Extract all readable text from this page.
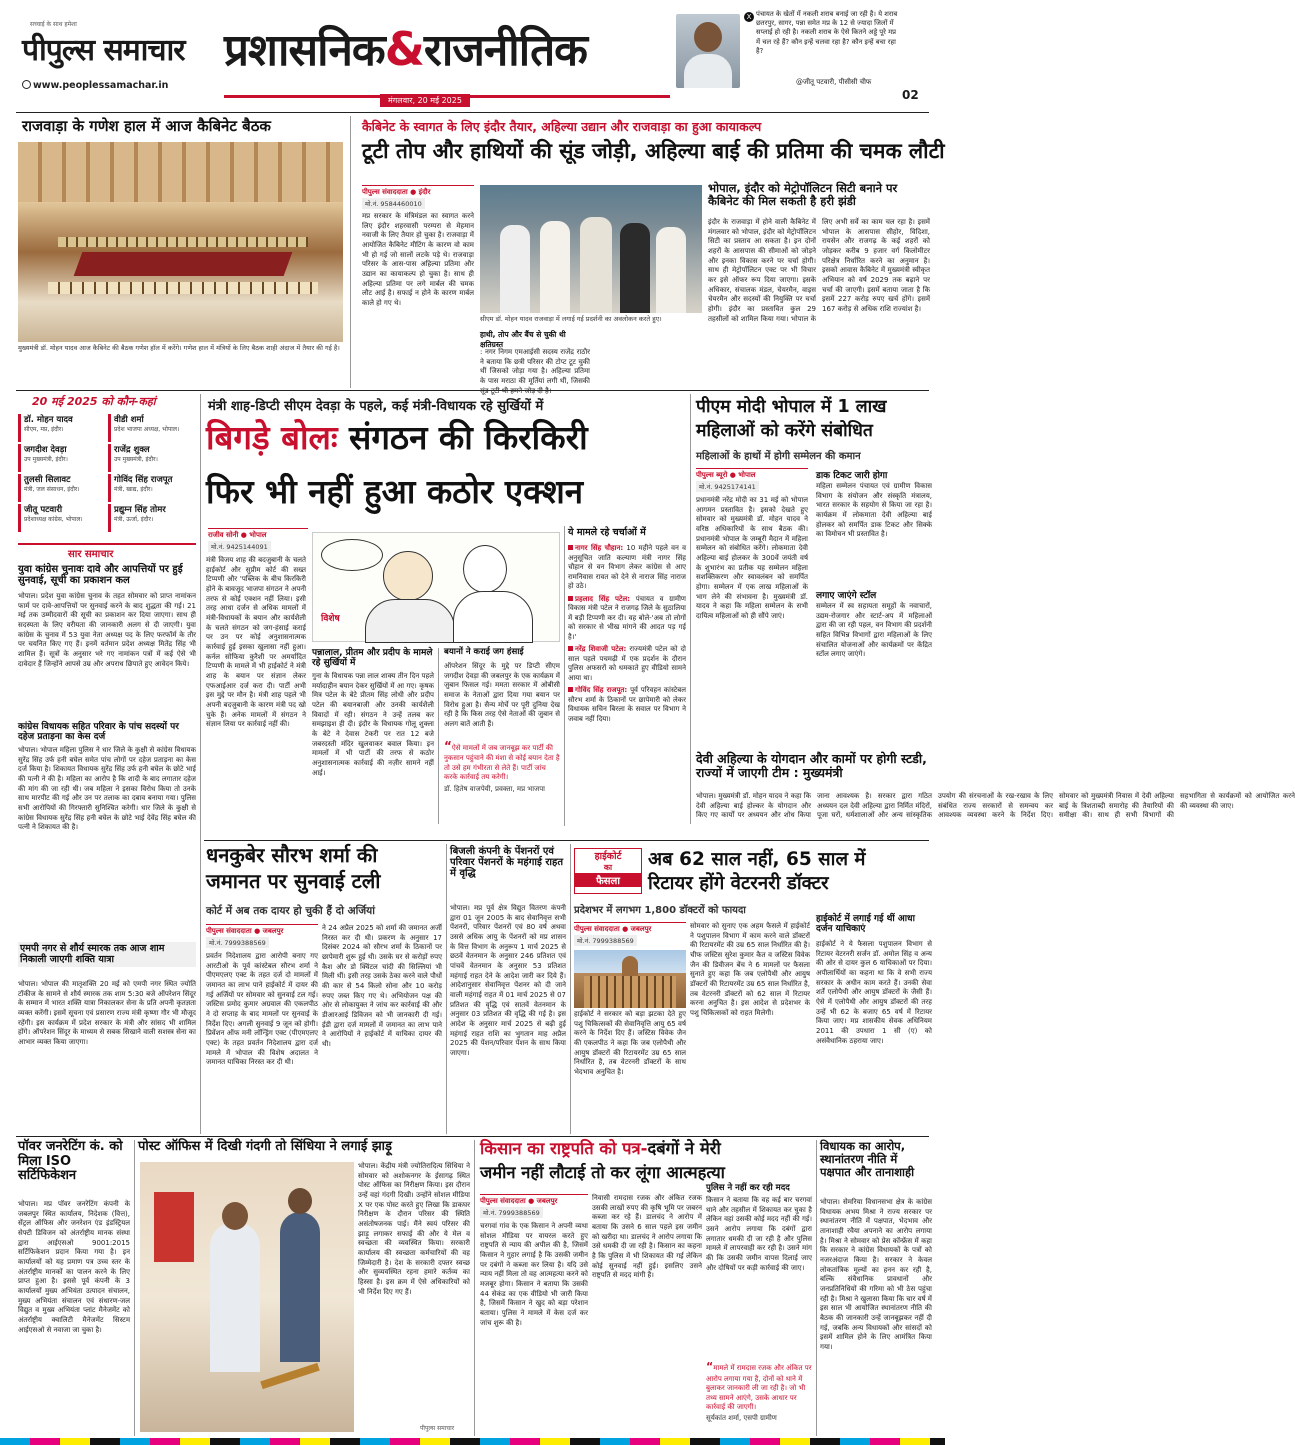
सच्चाई के साथ हमेशा
पीपुल्स समाचार
www.peoplessamachar.in
प्रशासनिक&राजनीतिक
मंगलवार, 20 मई 2025
X पंचायत के खेतों में नकली शराब बनाई जा रही है। ये शराब छतरपुर, सागर, पन्ना समेत मप्र के 12 से ज्यादा जिलों में सप्लाई हो रही है। नकली शराब के ऐसे कितने अड्डे पूरे मप्र में चल रहे हैं? कौन इन्हें चलवा रहा है? कौन इन्हें बचा रहा है?
@जीतू पटवारी, पीसीसी चीफ
02
राजवाड़ा के गणेश हाल में आज कैबिनेट बैठक
मुख्यमंत्री डॉ. मोहन यादव आज कैबिनेट की बैठक गणेश हॉल में करेंगे। गणेश हाल में मंत्रियों के लिए बैठक शाही अंदाज में तैयार की गई है।
कैबिनेट के स्वागत के लिए इंदौर तैयार, अहिल्या उद्यान और राजवाड़ा का हुआ कायाकल्प
टूटी तोप और हाथियों की सूंड जोड़ी, अहिल्या बाई की प्रतिमा की चमक लौटी
पीपुल्स संवाददाता ● इंदौर
मो.नं. 9584460010
मप्र सरकार के मंत्रिमंडल का स्वागत करने लिए इंदौर शहरवासी परम्परा से मेहमान नवाजी के लिए तैयार हो चुका है। राजवाड़ा में आयोजित कैबिनेट मीटिंग के कारण वो काम भी हो गई जो सालों लटके पड़े थे। राजवाड़ा परिसर के आस-पास अहिल्या प्रतिमा और उद्यान का कायाकल्प हो चुका है। साथ ही अहिल्या प्रतिमा पर लगे मार्बल की चमक लौट आई है। सफाई न होने के कारण मार्बल काले हो गए थे।
सीएम डॉ. मोहन यादव राजवाड़ा में लगाई गई प्रदर्शनी का अवलोकन करते हुए।
हाथी, तोप और बैंच से चुकी थी क्षतिग्रस्त
: नगर निगम एमआईसी सदस्य राजेंद्र राठौर ने बताया कि छत्री परिसर की टोप्ट टूट चुकी थीं जिसको जोड़ा गया है। अहिल्या प्रतिमा के पास मराठा की मूर्तियां लगी थीं, जिसकी
भोपाल, इंदौर को मेट्रोपॉलिटन सिटी बनाने पर कैबिनेट की मिल सकती है हरी झंडी
इंदौर के राजवाड़ा में होने वाली कैबिनेट में मंगलवार को भोपाल, इंदौर को मेट्रोपॉलिटन सिटी का प्रस्ताव आ सकता है। इन दोनों शहरों के आसपास की सीमाओं को जोड़ने और इनका विकास करने पर चर्चा होगी। साथ ही मेट्रोपॉलिटन एक्ट पर भी विचार कर इसे ऑफर रूप दिया जाएगा। इसके अधिकार, संचालक मंडल, चेयरमैन, वाइस चेयरमैन और सदस्यों की नियुक्ति पर चर्चा होगी। इंदौर का प्रस्तावित कुल 29 तहसीलों को शामिल किया गया। भोपाल के लिए अभी सर्वे का काम चल रहा है। इसमें भोपाल के आसपास सीहोर, विदिशा, रायसेन और राजगढ़ के कई शहरों को जोड़कर करीब 9 हजार वर्ग किलोमीटर परिक्षेत्र निर्धारित करने का अनुमान है। इसको आवास कैबिनेट में मुख्यमंत्री स्वीकृत अभियान को वर्ष 2029 तक बढ़ाने पर चर्चा की जाएगी। इसमें बताया जाता है कि इसमें 227 करोड़ रुपए खर्च होंगे। इसमें 167 करोड़ से अधिक राशि राज्यांश है।
20 मई 2025 को कौन-कहां
डॉ. मोहन यादव
सीएम, मप्र, इंदौर।
वीडी शर्मा
प्रदेश भाजपा अध्यक्ष, भोपाल।
जगदीश देवड़ा
उप मुख्यमंत्री, इंदौर।
राजेंद्र शुक्ल
उप मुख्यमंत्री, इंदौर।
तुलसी सिलावट
मंत्री, जल संसाधन, इंदौर।
गोविंद सिंह राजपूत
मंत्री, खाद्य, इंदौर।
जीतू पटवारी
प्रदेशाध्यक्ष कांग्रेस, भोपाल।
प्रद्युम्न सिंह तोमर
मंत्री, ऊर्जा, इंदौर।
सार समाचार
युवा कांग्रेस चुनावः दावे और आपत्तियों पर हुई सुनवाई, सूची का प्रकाशन कल
भोपाल। प्रदेश युवा कांग्रेस चुनाव के तहत सोमवार को प्राप्त नामांकन फार्म पर दावे-आपत्तियों पर सुनवाई करने के बाद शुद्धता की गई। 21 मई तक उम्मीदवारों की सूची का प्रकाशन कर दिया जाएगा। साथ ही सदस्यता के लिए वरीयता की जानकारी अलग से दी जाएगी। युवा कांग्रेस के चुनाव में 53 युवा नेता अध्यक्ष पद के लिए फरफॉर्म के तौर पर चयनित किए गए हैं। इनमें वर्तमान प्रदेश अध्यक्ष मितेंद्र सिंह भी शामिल हैं। सूत्रों के अनुसार भरे गए नामांकन पत्रों में कई ऐसे भी दावेदार हैं जिन्होंने आपसे उम्र और अपराध छिपाते हुए आवेदन किये।
कांग्रेस विधायक सहित परिवार के पांच सदस्यों पर दहेज प्रताड़ना का केस दर्ज
भोपाल। भोपाल महिला पुलिस ने धार जिले के कुक्षी से कांग्रेस विधायक सुरेंद्र सिंह उर्फ हनी बघेल समेत पांच लोगों पर दहेज प्रताड़ना का केस दर्ज किया है। शिकायत विधायक सुरेंद्र सिंह उर्फ हनी बघेल के छोटे भाई की पत्नी ने की है। महिला का आरोप है कि शादी के बाद लगातार दहेज की मांग की जा रही थी। जब महिला ने इसका विरोध किया तो उनके साथ मारपीट की गई और उन पर तलाक का दबाव बनाया गया। पुलिस सभी आरोपियों की गिरफ्तारी सुनिश्चित करेगी। धार जिले के कुक्षी से कांग्रेस विधायक सुरेंद्र सिंह हनी बघेल के छोटे भाई देवेंद्र सिंह बघेल की पत्नी ने शिकायत की है।
एमपी नगर से शौर्य स्मारक तक आज शाम निकाली जाएगी शक्ति यात्रा
भोपाल। भोपाल की मातृशक्ति 20 मई को एमपी नगर स्थित ज्योति टॉकीज के सामने से शौर्य स्मारक तक शाम 5:30 बजे ऑपरेशन सिंदूर के सम्मान में भारत शक्ति यात्रा निकालकर सेना के प्रति अपनी कृतज्ञता व्यक्त करेंगी। इसमें सूचना एवं प्रसारण राज्य मंत्री कृष्णा गौर भी मौजूद रहेंगी। इस कार्यक्रम में प्रदेश सरकार के मंत्री और सांसद भी शामिल होंगे। ऑपरेशन सिंदूर के माध्यम से सबक सिखाने वाली सशस्त्र सेना का आभार व्यक्त किया जाएगा।
मंत्री शाह-डिप्टी सीएम देवड़ा के पहले, कई मंत्री-विधायक रहे सुर्खियों में
बिगड़े बोलः संगठन की किरकिरी
फिर भी नहीं हुआ कठोर एक्शन
राजीव सोनी ● भोपाल
मो.नं. 9425144091
मंत्री विजय शाह की बदजुबानी के चलते हाईकोर्ट और सुप्रीम कोर्ट की सख्त टिप्पणी और 'पब्लिक के बीच किरकिरी होने के बावजूद भाजपा संगठन ने अपनी तरफ से कोई एक्शन नहीं लिया। इसी तरह आधा दर्जन से अधिक मामलों में मंत्री-विधायकों के बयान और कार्यशैली के चलते संगठन को जग-हंसाई कराई पर उन पर कोई अनुशासनात्मक कार्रवाई हुई इसका खुलासा नहीं हुआ। कर्नल सोफिया कुरैशी पर अमर्यादित टिप्पणी के मामले में भी हाईकोर्ट ने मंत्री शाह के बयान पर संज्ञान लेकर एफआईआर दर्ज करा दी। पार्टी अभी इस मुद्दे पर मौन है। मंत्री शाह पहले भी अपनी बदजुबानी के कारण मंत्री पद खो चुके हैं। अनेक मामलों में संगठन ने संज्ञान लिया पर कार्रवाई नहीं की।
विशेष
पन्नालाल, प्रीतम और प्रदीप के मामले रहे सुर्खियों में
गुना के विधायक पन्ना लाल शाक्य तीन दिन पहले मर्यादाहीन बयान देकर सुर्खियों में आ गए। कृषक मित्र पटेल के बेटे प्रीतम सिंह लोधी और प्रदीप पटेल की बयानबाजी और उनकी कार्यशैली विवादों में रही। संगठन ने उन्हें तलब कर समझाइश ही दी। इंदौर के विधायक गोलू शुक्ला के बेटे ने देवास टेकरी पर रात 12 बजे जबरदस्ती मंदिर खुलवाकर बवाल किया। इन मामलों में भी पार्टी की तरफ से कठोर अनुशासनात्मक कार्रवाई की नज़ीर सामने नहीं आई।
बयानों ने कराई जग हंसाई
ऑपरेशन सिंदूर के मुद्दे पर डिप्टी सीएम जगदीश देवड़ा की जबलपुर के एक कार्यक्रम में जुबान फिसल गई। ममता सरकार में ओबीसी समाज के नेताओं द्वारा दिया गया बयान पर विरोध हुआ है। सैन्य मोर्चे पर पूरी दुनिया देख रही है कि किस तरह ऐसे नेताओं की जुबान से अलग बातें आती हैं।
“ऐसे मामलों में जब जानबूझ कर पार्टी की नुकसान पहुंचाने की मंशा से कोई बयान देता है तो उसे हम गंभीरता से लेते हैं। पार्टी जांच करके कार्रवाई तय करेगी।
डॉ. हितेष वाजपेयी, प्रवक्ता, मप्र भाजपा
ये मामले रहे चर्चाओं में
नागर सिंह चौहान: 10 महीने पहले वन व अनुसूचित जाति कल्याण मंत्री नागर सिंह चौहान से वन विभाग लेकर कांग्रेस से आए रामनिवास रावत को देने से नाराज सिंह नाराज हो उठे।
प्रहलाद सिंह पटेल: पंचायत व ग्रामीण विकास मंत्री पटेल ने राजगढ़ जिले के सुठालिया में बड़ी टिप्पणी कर दी। वह बोले-'अब तो लोगों को सरकार से भीख मांगने की आदत पड़ गई है।'
नरेंद्र शिवाजी पटेल: राज्यमंत्री पटेल को दो साल पहले पचमढ़ी में एक प्रदर्शन के दौरान पुलिस अफसरों को धमकाते हुए वीडियो सामने आया था।
गोविंद सिंह राजपूत: पूर्व परिवहन कांस्टेबल सौरभ शर्मा के ठिकानों पर छापेमारी को लेकर विधायक सचिन बिरला के सवाल पर विभाग ने जवाब नहीं दिया।
पीएम मोदी भोपाल में 1 लाख
महिलाओं को करेंगे संबोधित
महिलाओं के हाथों में होगी सम्मेलन की कमान
पीपुल्स ब्यूरो ● भोपाल
मो.नं. 9425174141
प्रधानमंत्री नरेंद्र मोदी का 31 मई को भोपाल आगमन प्रस्तावित है। इसको देखते हुए सोमवार को मुख्यमंत्री डॉ. मोहन यादव ने वरिष्ठ अधिकारियों के साथ बैठक की। प्रधानमंत्री भोपाल के जम्बूरी मैदान में महिला सम्मेलन को संबोधित करेंगे। लोकमाता देवी अहिल्या बाई होलकर के 300वें जयंती वर्ष के शुभारंभ का प्रतीक यह सम्मेलन महिला सशक्तिकरण और स्वावलंबन को समर्पित होगा। सम्मेलन में एक लाख महिलाओं के भाग लेने की संभावना है। मुख्यमंत्री डॉ. यादव ने कहा कि महिला सम्मेलन के सभी दायित्व महिलाओं को ही सौंपे जाएं।
डाक टिकट जारी होगा
महिला सम्मेलन पंचायत एवं ग्रामीण विकास विभाग के संयोजन और संस्कृति मंत्रालय, भारत सरकार के सहयोग से किया जा रहा है। कार्यक्रम में लोकमाता देवी अहिल्या बाई होलकर को समर्पित डाक टिकट और सिक्के का विमोचन भी प्रस्तावित है।
लगाए जाएंगे स्टॉल
सम्मेलन में स्व सहायता समूहों के नवाचारों, उद्यम-रोजगार और स्टार्ट-अप में महिलाओं द्वारा की जा रही पहल, वन विभाग की प्रदर्शनी सहित विभिन्न विभागों द्वारा महिलाओं के लिए संचालित योजनाओं और कार्यक्रमों पर केंद्रित स्टॉल लगाए जाएंगे।
देवी अहिल्या के योगदान और कामों पर होगी स्टडी, राज्यों में जाएगी टीम : मुख्यमंत्री
भोपाल। मुख्यमंत्री डॉ. मोहन यादव ने कहा कि देवी अहिल्या बाई होल्कर के योगदान और किए गए कार्यों पर अध्ययन और शोध किया जाना आवश्यक है। सरकार द्वारा गठित अध्ययन दल देवी अहिल्या द्वारा निर्मित मंदिरों, पूजा घरों, धर्मशालाओं और अन्य सांस्कृतिक उपयोग की संरचनाओं के रख-रखाव के लिए संबंधित राज्य सरकारों से समन्वय कर आवश्यक व्यवस्था करने के निर्देश दिए। सोमवार को मुख्यमंत्री निवास में देवी अहिल्या बाई के त्रिशताब्दी समारोह की तैयारियों की समीक्षा की। साथ ही सभी विभागों की सहभागिता से कार्यक्रमों को आयोजित करने की व्यवस्था की जाए।
धनकुबेर सौरभ शर्मा की
जमानत पर सुनवाई टली
कोर्ट में अब तक दायर हो चुकी हैं दो अर्जियां
पीपुल्स संवाददाता ● जबलपुर
मो.नं. 7999388569
प्रवर्तन निदेशालय द्वारा आरोपी बनाए गए आरटीओ के पूर्व कांस्टेबल सौरभ शर्मा ने पीएमएलए एक्ट के तहत दर्ज दो मामलों में जमानत का लाभ पाने हाईकोर्ट में दायर की गई अर्जियों पर सोमवार को सुनवाई टल गई। जस्टिस प्रमोद कुमार अग्रवाल की एकलपीठ ने दो सप्ताह के बाद मामलों पर सुनवाई के निर्देश दिए। अगली सुनवाई 9 जून को होगी। प्रिवेंशन ऑफ मनी लॉन्ड्रिंग एक्ट (पीएमएलए एक्ट) के तहत प्रवर्तन निदेशालय द्वारा दर्ज मामले में भोपाल की विशेष अदालत ने जमानत याचिका निरस्त कर दी थी।
ने 24 अप्रैल 2025 को शर्मा की जमानत अर्जी निरस्त कर दी थी। प्रकरण के अनुसार 17 दिसंबर 2024 को सौरभ शर्मा के ठिकानों पर छापेमारी शुरू हुई थी। उसके घर से करोड़ों रुपए कैश और डो क्विंटल चांदी की सिल्लियां भी मिली थीं। इसी तरह उसके ठेका करने वाले पौधों की कार से 54 किलो सोना और 10 करोड़ रुपए जब्त किए गए थे। अभियोजन पक्ष की ओर से लोकायुक्त ने जांच कर कार्रवाई की और डीआरआई डिविजन को भी जानकारी दी गई। ईडी द्वारा दर्ज मामलों में जमानत का लाभ पाने ने आरोपियों ने हाईकोर्ट में याचिका दायर की थी।
बिजली कंपनी के पेंशनरों एवं परिवार पेंशनरों के महंगाई राहत में वृद्धि
भोपाल। मप्र पूर्व क्षेत्र विद्युत वितरण कंपनी द्वारा 01 जून 2005 के बाद सेवानिवृत्त सभी पेंशनरों, परिवार पेंशनरों एवं 80 वर्ष अथवा उससे अधिक आयु के पेंशनरों को मप्र शासन के वित्त विभाग के अनुरूप 1 मार्च 2025 से छठवें वेतनमान के अनुसार 246 प्रतिशत एवं पांचवें वेतनमान के अनुसार 53 प्रतिशत महंगाई राहत देने के आदेश जारी कर दिये हैं। आदेशानुसार सेवानिवृत्त पेंशनर को दी जाने वाली महंगाई राहत में 01 मार्च 2025 से 07 प्रतिशत की वृद्धि एवं सातवें वेतनमान के अनुसार 03 प्रतिशत की वृद्धि की गई है। इस आदेश के अनुसार मार्च 2025 से बढ़ी हुई महंगाई राहत राशि का भुगतान माह अप्रैल 2025 की पेंशन/परिवार पेंशन के साथ किया जाएगा।
हाईकोर्ट
का
फैसला
अब 62 साल नहीं, 65 साल में
रिटायर होंगे वेटरनरी डॉक्टर
प्रदेशभर में लगभग 1,800 डॉक्टरों को फायदा
पीपुल्स संवाददाता ● जबलपुर
मो.नं. 7999388569
हाईकोर्ट ने सरकार को बड़ा झटका देते हुए पशु चिकित्सकों की सेवानिवृत्ति आयु 65 वर्ष करने के निर्देश दिए हैं। जस्टिस विवेक जैन की एकलपीठ ने कहा कि जब एलोपैथी और आयुष डॉक्टरों की रिटायरमेंट उम्र 65 साल निर्धारित है, तब वेटरनरी डॉक्टरों के साथ भेदभाव अनुचित है।
सोमवार को सुनाए एक अहम फैसले में हाईकोर्ट ने पशुपालन विभाग में काम करने वाले डॉक्टरों की रिटायरमेंट की उम्र 65 साल निर्धारित की है। चीफ जस्टिस सुरेश कुमार कैत व जस्टिस विवेक जैन की डिवीजन बेंच ने 6 मामलों पर फैसला सुनाते हुए कहा कि जब एलोपैथी और आयुष डॉक्टरों की रिटायरमेंट उम्र 65 साल निर्धारित है, तब वेटरनरी डॉक्टरों को 62 साल में रिटायर करना अनुचित है। इस आदेश से प्रदेशभर के पशु चिकित्सकों को राहत मिलेगी।
हाईकोर्ट में लगाई गई थीं आधा दर्जन याचिकाएं
हाईकोर्ट ने ये फैसला पशुपालन विभाग से रिटायर वेटरनरी सर्जन डॉ. अमोल सिंह व अन्य की ओर से दायर कुल 6 याचिकाओं पर दिया। अपीलार्थियों का कहना था कि वे सभी राज्य सरकार के अधीन काम करते हैं। उनकी सेवा शर्तें एलोपैथी और आयुष डॉक्टरों के जैसी हैं। ऐसे में एलोपैथी और आयुष डॉक्टरों की तरह उन्हें भी 62 के बजाए 65 वर्ष में रिटायर किया जाए। मप्र शासकीय सेवक अधिनियम 2011 की उपधारा 1 सी (ए) को असंवैधानिक ठहराया जाए।
पॉवर जनरेटिंग कं. को मिला ISO सर्टिफिकेशन
भोपाल। मप्र पॉवर जनरेटिंग कंपनी के जबलपुर स्थित कार्यालय, निदेशक (वित्त), सेंट्रल ऑफिस और जनरेशन एंड इंडस्ट्रियल सेफ्टी डिविजन को अंतर्राष्ट्रीय मानक संस्था द्वारा आईएसओ 9001:2015 सर्टिफिकेशन प्रदान किया गया है। इन कार्यालयों को यह प्रमाण पत्र उच्च स्तर के अंतर्राष्ट्रीय मानकों का पालन करने के लिए प्राप्त हुआ है। इससे पूर्व कंपनी के 3 कार्यालयों मुख्य अभियंता उत्पादन संचालन, मुख्य अभियंता संचालन एवं संधारण-जल विद्युत व मुख्य अभियंता प्लांट मैनेजमेंट को अंतर्राष्ट्रीय क्वालिटी मैनेजमेंट सिस्टम आईएसओ से नवाजा जा चुका है।
पोस्ट ऑफिस में दिखी गंदगी तो सिंधिया ने लगाई झाड़ू
भोपाल। केंद्रीय मंत्री ज्योतिरादित्य सिंधिया ने सोमवार को अशोकनगर के ईसागढ़ स्थित पोस्ट ऑफिस का निरीक्षण किया। इस दौरान उन्हें वहां गंदगी दिखी। उन्होंने सोशल मीडिया X पर एक पोस्ट करते हुए लिखा कि डाकघर निरीक्षण के दौरान परिसर की स्थिति असंतोषजनक पाई। मैंने स्वयं परिसर की झाड़ू लगाकर सफाई की और ये मेल व स्वच्छता की व्यवस्थित किया। सरकारी कार्यालय की स्वच्छता कर्मचारियों की वह जिम्मेदारी है। देश के सरकारी दफ्तर स्वच्छ और सुव्यवस्थित रहना हमारे कर्तव्य का हिस्सा है। इस क्रम में ऐसे अधिकारियों को भी निर्देश दिए गए हैं।
पीपुल्स समाचार
किसान का राष्ट्रपति को पत्र-दबंगों ने मेरी
जमीन नहीं लौटाई तो कर लूंगा आत्महत्या
पीपुल्स संवाददाता ● जबलपुर
मो.नं. 7999388569
चरगवां गांव के एक किसान ने अपनी व्यथा सोशल मीडिया पर वायरल करते हुए राष्ट्रपति से न्याय की अपील की है, जिसमें किसान ने गुहार लगाई है कि उसकी जमीन पर दबंगों ने कब्जा कर लिया है। यदि उसे न्याय नहीं मिला तो वह आत्महत्या करने को मजबूर होगा। किसान ने बताया कि उसकी 44 सेकंड का एक वीडियो भी जारी किया है, जिसमें किसान ने खुद को बड़ा परेशान बताया। पुलिस ने मामले में केस दर्ज कर जांच शुरू की है।
निवासी रामदास रजक और अंकित रजक उसकी लाखों रुपए की कृषि भूमि पर जबरन कब्जा कर रहे हैं। डालचंद ने आरोप में बताया कि उसने 6 साल पहले इस जमीन को खरीदा था। डालचंद ने आरोप लगाया कि उसे धमकी दी जा रही है। किसान का कहना है कि पुलिस में भी शिकायत की गई लेकिन कोई सुनवाई नहीं हुई। इसलिए उसने राष्ट्रपति से मदद मांगी है।
पुलिस ने नहीं कर रही मदद
किसान ने बताया कि वह कई बार चरगवां थाने और तहसील में शिकायत कर चुका है लेकिन वहां उसकी कोई मदद नहीं की गई। उसने आरोप लगाया कि दबंगों द्वारा लगातार धमकी दी जा रही है और पुलिस मामले में लापरवाही कर रही है। उसने मांग की कि उसकी जमीन वापस दिलाई जाए और दोषियों पर कड़ी कार्रवाई की जाए।
“मामले में रामदास रजक और अंकित पर आरोप लगाया गया है, दोनों को थाने में बुलाकर जानकारी ली जा रही है। जो भी तथ्य सामने आएंगे, उसके आधार पर कार्रवाई की जाएगी।
सूर्यकांत शर्मा, एसपी ग्रामीण
विधायक का आरोप, स्थानांतरण नीति में पक्षपात और तानाशाही
भोपाल। सेमरिया विधानसभा क्षेत्र के कांग्रेस विधायक अभय मिश्रा ने राज्य सरकार पर स्थानांतरण नीति में पक्षपात, भेदभाव और तानाशाही रवैया अपनाने का आरोप लगाया है। मिश्रा ने सोमवार को प्रेस कॉन्फ्रेंस में कहा कि सरकार ने कांग्रेस विधायकों के पत्रों को नजरअंदाज किया है। सरकार ने केवल लोकतांत्रिक मूल्यों का हनन कर रही है, बल्कि संवैधानिक प्रावधानों और जनप्रतिनिधियों की गरिमा को भी ठेस पहुंचा रही है। मिश्रा ने खुलासा किया कि चार वर्ष में इस साल भी आयोजित स्थानांतरण नीति की बैठक की जानकारी उन्हें जानबूझकर नहीं दी गई, जबकि अन्य विधायकों और सांसदों को इसमें शामिल होने के लिए आमंत्रित किया गया।
